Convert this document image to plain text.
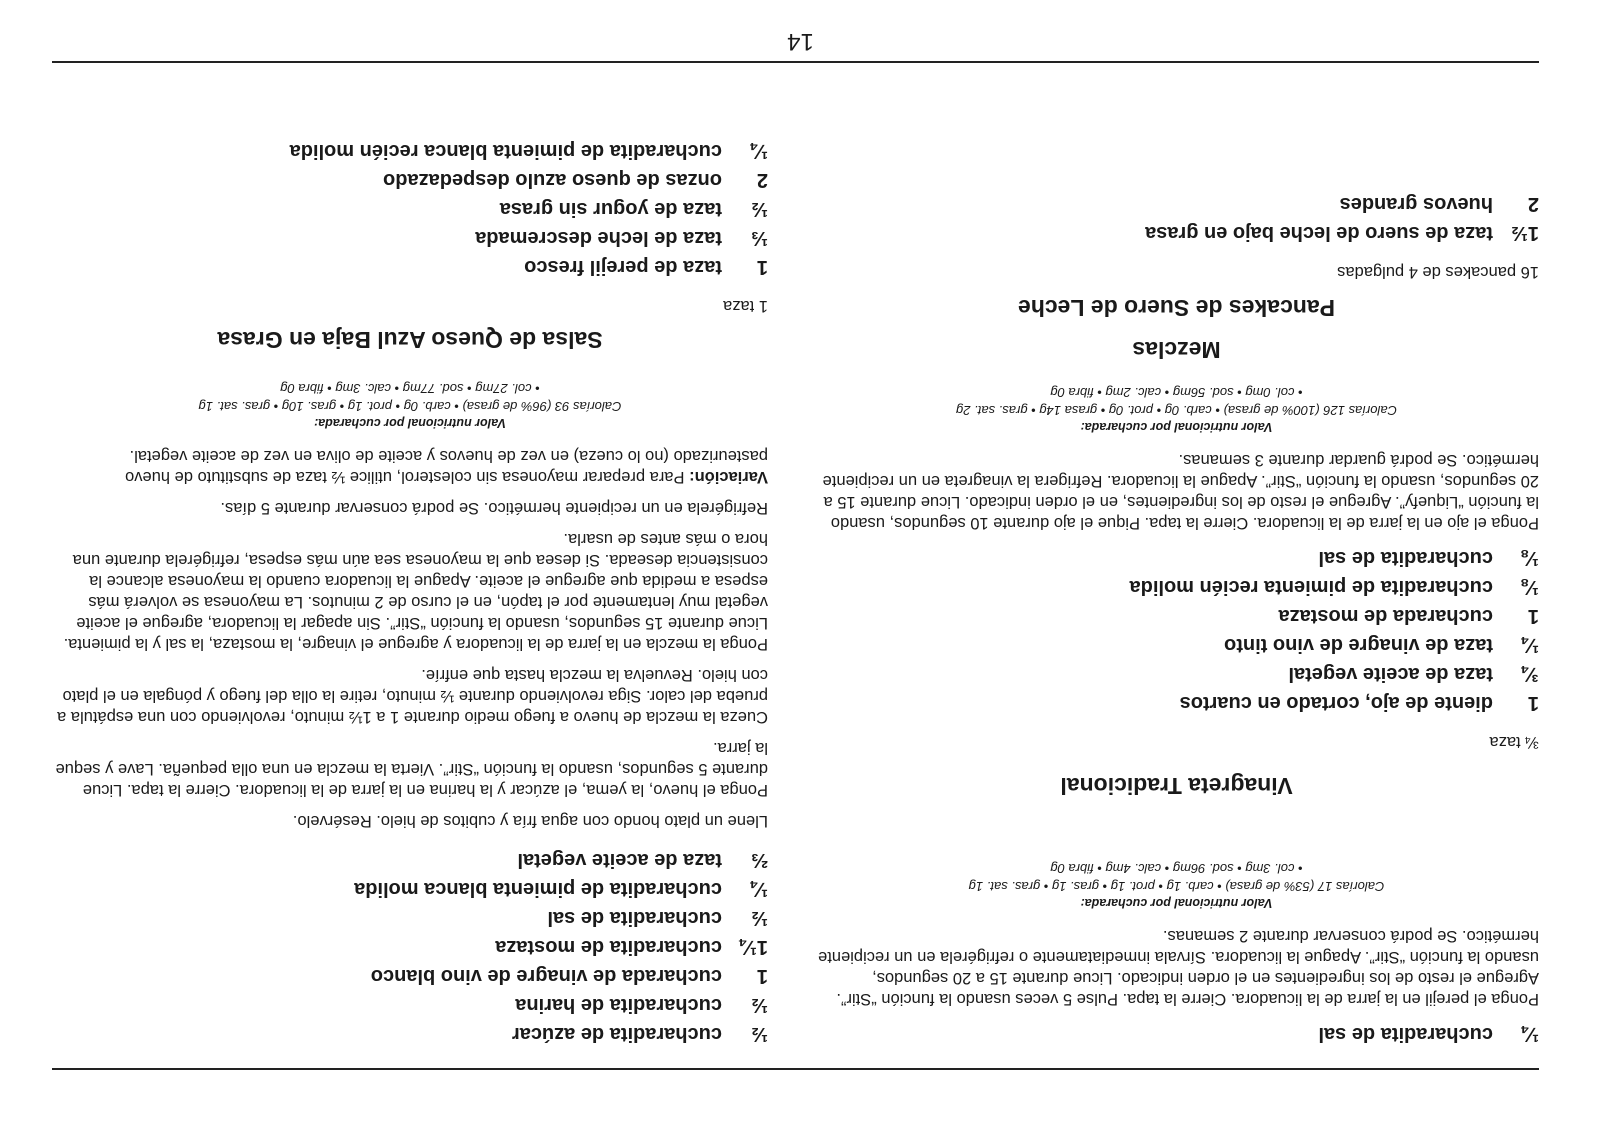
¼
cucharadita de sal

Ponga el perejil en la jarra de la licuadora. Cierre la tapa. Pulse 5 veces usando la función “Stir”. Agregue el resto de los ingredientes en el orden indicado. Licue durante 15 a 20 segundos, usando la función “Stir”. Apague la licuadora. Sírvala inmediatamente o refrigérela en un recipiente hermético. Se podrá conservar durante 2 semanas.

Valor nutricional por cucharada:
Calorías 17 (53% de grasa) • carb. 1g • prot. 1g • gras. 1g • gras. sat. 1g
• col. 3mg • sod. 96mg • calc. 4mg • fibra 0g
Vinagreta Tradicional
¾ taza
1
diente de ajo, cortado en cuartos
¾
taza de aceite vegetal
¼
taza de vinagre de vino tinto
1
cucharada de mostaza
⅛
cucharadita de pimienta recién molida
⅛
cucharadita de sal

Ponga el ajo en la jarra de la licuadora. Cierre la tapa. Pique el ajo durante 10 segundos, usando la función “Liquefy”. Agregue el resto de los ingredientes, en el orden indicado. Licue durante 15 a 20 segundos, usando la función “Stir”. Apague la licuadora. Refrigera la vinagreta en un recipiente hermético. Se podrá guardar durante 3 semanas.

Valor nutricional por cucharada:
Calorías 126 (100% de grasa) • carb. 0g • prot. 0g • grasa 14g • gras. sat. 2g
• col. 0mg • sod. 56mg • calc. 2mg • fibra 0g
Mezclas
Pancakes de Suero de Leche
16 pancakes de 4 pulgadas
1½
taza de suero de leche bajo en grasa
2
huevos grandes
½
cucharadita de azúcar
½
cucharadita de harina
1
cucharada de vinagre de vino blanco
1¼
cucharadita de mostaza
½
cucharadita de sal
¼
cucharadita de pimienta blanca molida
⅔
taza de aceite vegetal

Llene un plato hondo con agua fría y cubitos de hielo. Resérvelo.

Ponga el huevo, la yema, el azúcar y la harina en la jarra de la licuadora. Cierre la tapa. Licue durante 5 segundos, usando la función “Stir”. Vierta la mezcla en una olla pequeña. Lave y seque la jarra.

Cueza la mezcla de huevo a fuego medio durante 1 a 1½ minuto, revolviendo con una espátula a prueba del calor. Siga revolviendo durante ½ minuto, retire la olla del fuego y póngala en el plato con hielo. Revuelva la mezcla hasta que enfríe.

Ponga la mezcla en la jarra de la licuadora y agregue el vinagre, la mostaza, la sal y la pimienta. Licue durante 15 segundos, usando la función “Stir”. Sin apagar la licuadora, agregue el aceite vegetal muy lentamente por el tapón, en el curso de 2 minutos. La mayonesa se volverá más espesa a medida que agregue el aceite. Apague la licuadora cuando la mayonesa alcance la consistencia deseada. Si desea que la mayonesa sea aún más espesa, refrigérela durante una hora o más antes de usarla.

Refrigérela en un recipiente hermético. Se podrá conservar durante 5 días.

Variación: Para preparar mayonesa sin colesterol, utilice ½ taza de substituto de huevo pasteurizado (no lo cueza) en vez de huevos y aceite de oliva en vez de aceite vegetal.

Valor nutricional por cucharada:
Calorías 93 (96% de grasa) • carb. 0g • prot. 1g • gras. 10g • gras. sat. 1g
• col. 27mg • sod. 77mg • calc. 3mg • fibra 0g
Salsa de Queso Azul Baja en Grasa
1 taza
1
taza de perejil fresco
⅓
taza de leche descremada
½
taza de yogur sin grasa
2
onzas de queso azulo despedazado
¼
cucharadita de pimienta blanca recién molida
14
